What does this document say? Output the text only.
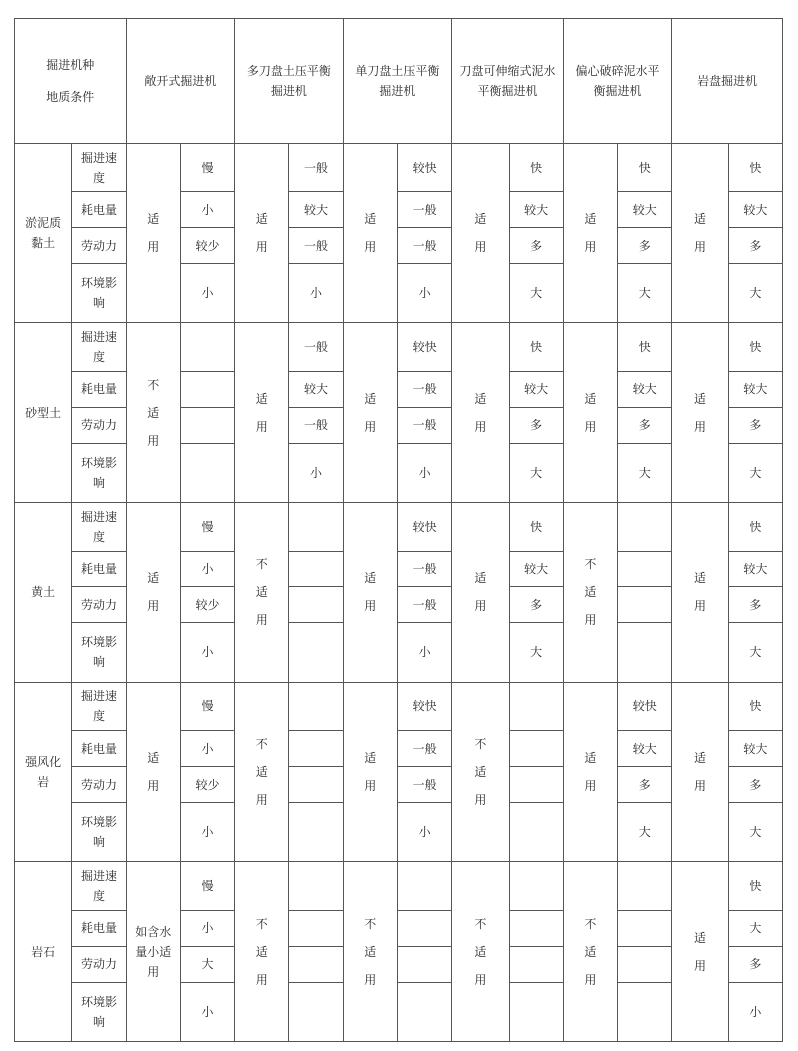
掘进机种
地质条件		敞开式掘进机		多刀盘土压平衡掘进机		单刀盘土压平衡掘进机		刀盘可伸缩式泥水平衡掘进机		偏心破碎泥水平衡掘进机		岩盘掘进机	
淤泥质黏土	掘进速度	适用	慢	适用	一般	适用	较快	适用	快	适用	快	适用	快
	耗电量		小		较大		一般		较大		较大		较大
	劳动力		较少		一般		一般		多		多		多
	环境影响		小		小		小		大		大		大
砂型土	掘进速度	不适用		适用	一般	适用	较快	适用	快	适用	快	适用	快
	耗电量				较大		一般		较大		较大		较大
	劳动力				一般		一般		多		多		多
	环境影响				小		小		大		大		大
黄土	掘进速度	适用	慢	不适用		适用	较快	适用	快	不适用		适用	快
	耗电量		小				一般		较大				较大
	劳动力		较少				一般		多				多
	环境影响		小				小		大				大
强风化岩	掘进速度	适用	慢	不适用		适用	较快	不适用		适用	较快	适用	快
	耗电量		小				一般				较大		较大
	劳动力		较少				一般				多		多
	环境影响		小				小				大		大
岩石	掘进速度	如含水量小适用	慢	不适用		不适用		不适用		不适用		适用	快
	耗电量		小										大
	劳动力		大										多
	环境影响		小										小
